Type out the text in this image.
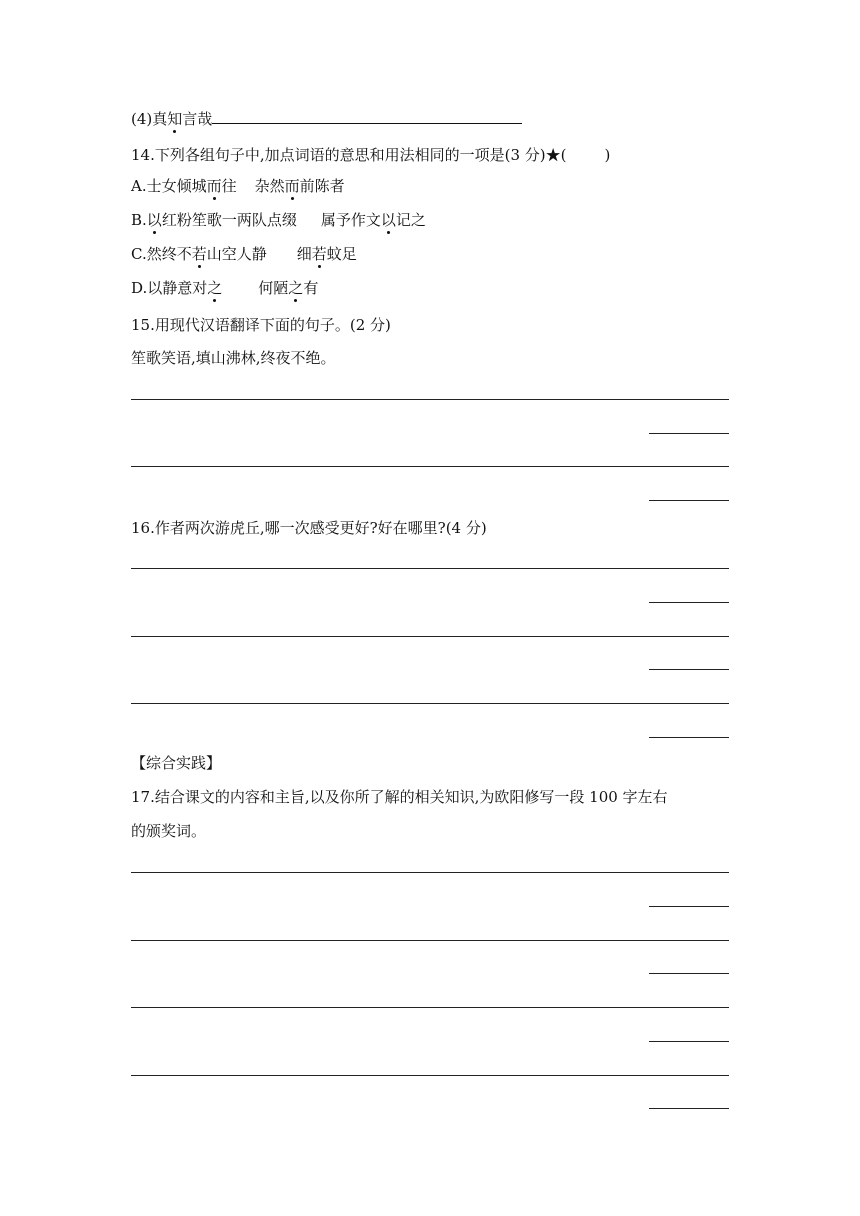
(4)真知言哉
14.下列各组句子中,加点词语的意思和用法相同的一项是(3 分)★(	)
A.士女倾城而往 杂然而前陈者
B.以红粉笙歌一两队点缀 属予作文以记之
C.然终不若山空人静 细若蚊足
D.以静意对之 何陋之有
15.用现代汉语翻译下面的句子。(2 分)
笙歌笑语,填山沸林,终夜不绝。
16.作者两次游虎丘,哪一次感受更好?好在哪里?(4 分)
【综合实践】
17.结合课文的内容和主旨,以及你所了解的相关知识,为欧阳修写一段 100 字左右
的颁奖词。
